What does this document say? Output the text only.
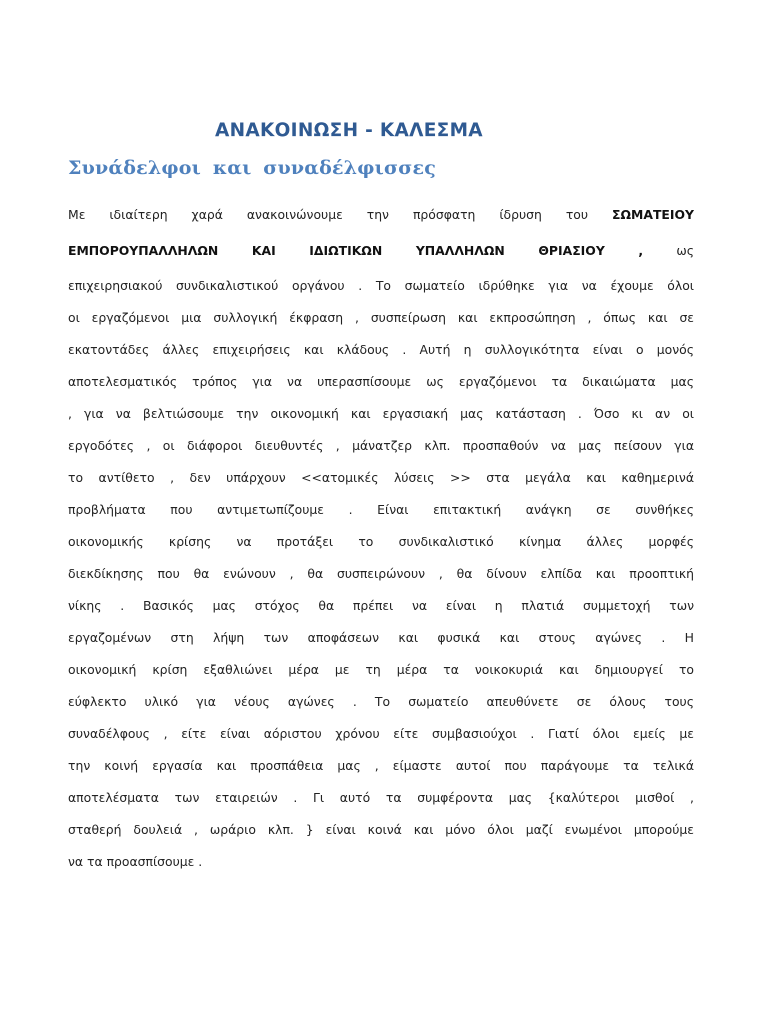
ΑΝΑΚΟΙΝΩΣΗ - ΚΑΛΕΣΜΑ
Συνάδελφοι και συναδέλφισσες
Με ιδιαίτερη χαρά ανακοινώνουμε την πρόσφατη ίδρυση του ΣΩΜΑΤΕΙΟΥ
ΕΜΠΟΡΟΥΠΑΛΛΗΛΩΝ ΚΑΙ ΙΔΙΩΤΙΚΩΝ ΥΠΑΛΛΗΛΩΝ ΘΡΙΑΣΙΟΥ , ως
επιχειρησιακού συνδικαλιστικού οργάνου . Το σωματείο ιδρύθηκε για να έχουμε όλοι
οι εργαζόμενοι μια συλλογική έκφραση , συσπείρωση και εκπροσώπηση , όπως και σε
εκατοντάδες άλλες επιχειρήσεις και κλάδους . Αυτή η συλλογικότητα είναι ο μονός
αποτελεσματικός τρόπος για να υπερασπίσουμε ως εργαζόμενοι τα δικαιώματα μας
, για να βελτιώσουμε την οικονομική και εργασιακή μας κατάσταση . Όσο κι αν οι
εργοδότες , οι διάφοροι διευθυντές , μάνατζερ κλπ. προσπαθούν να μας πείσουν για
το αντίθετο , δεν υπάρχουν <<ατομικές λύσεις >> στα μεγάλα και καθημερινά
προβλήματα που αντιμετωπίζουμε . Είναι επιτακτική ανάγκη σε συνθήκες
οικονομικής κρίσης να προτάξει το συνδικαλιστικό κίνημα άλλες μορφές
διεκδίκησης που θα ενώνουν , θα συσπειρώνουν , θα δίνουν ελπίδα και προοπτική
νίκης . Βασικός μας στόχος θα πρέπει να είναι η πλατιά συμμετοχή των
εργαζομένων στη λήψη των αποφάσεων και φυσικά και στους αγώνες . Η
οικονομική κρίση εξαθλιώνει μέρα με τη μέρα τα νοικοκυριά και δημιουργεί το
εύφλεκτο υλικό για νέους αγώνες . Το σωματείο απευθύνετε σε όλους τους
συναδέλφους , είτε είναι αόριστου χρόνου είτε συμβασιούχοι . Γιατί όλοι εμείς με
την κοινή εργασία και προσπάθεια μας , είμαστε αυτοί που παράγουμε τα τελικά
αποτελέσματα των εταιρειών . Γι αυτό τα συμφέροντα μας {καλύτεροι μισθοί ,
σταθερή δουλειά , ωράριο κλπ. } είναι κοινά και μόνο όλοι μαζί ενωμένοι μπορούμε
να τα προασπίσουμε .
